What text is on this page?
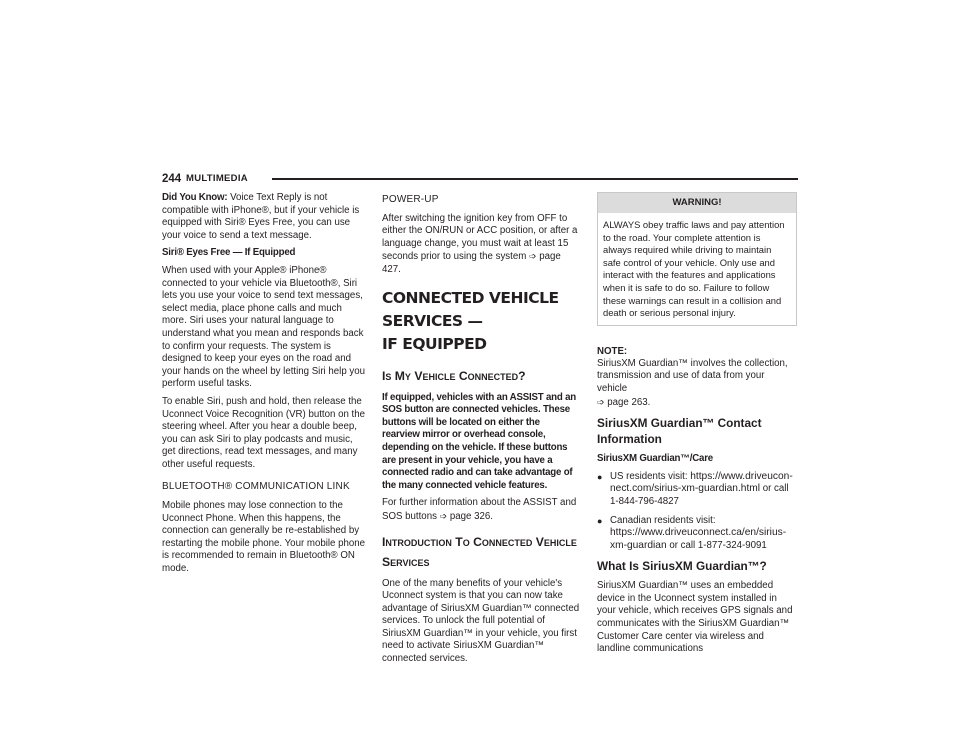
244 MULTIMEDIA

Did You Know: Voice Text Reply is not compatible with iPhone®, but if your vehicle is equipped with Siri® Eyes Free, you can use your voice to send a text message.

Siri® Eyes Free — If Equipped

When used with your Apple® iPhone® connected to your vehicle via Bluetooth®, Siri lets you use your voice to send text messages, select media, place phone calls and much more. Siri uses your natural language to understand what you mean and responds back to confirm your requests. The system is designed to keep your eyes on the road and your hands on the wheel by letting Siri help you perform useful tasks.

To enable Siri, push and hold, then release the Uconnect Voice Recognition (VR) button on the steering wheel. After you hear a double beep, you can ask Siri to play podcasts and music, get directions, read text messages, and many other useful requests.

BLUETOOTH® COMMUNICATION LINK

Mobile phones may lose connection to the Uconnect Phone. When this happens, the connection can generally be re-established by restarting the mobile phone. Your mobile phone is recommended to remain in Bluetooth® ON mode.

POWER-UP

After switching the ignition key from OFF to either the ON/RUN or ACC position, or after a language change, you must wait at least 15 seconds prior to using the system ➩ page 427.

CONNECTED VEHICLE SERVICES —
IF EQUIPPED
Is My Vehicle Connected?

If equipped, vehicles with an ASSIST and an SOS button are connected vehicles. These buttons will be located on either the rearview mirror or overhead console, depending on the vehicle. If these buttons are present in your vehicle, you have a connected radio and can take advantage of the many connected vehicle features.

For further information about the ASSIST and SOS buttons ➩ page 326.

Introduction To Connected Vehicle
Services

One of the many benefits of your vehicle's Uconnect system is that you can now take advantage of SiriusXM Guardian™ connected services. To unlock the full potential of SiriusXM Guardian™ in your vehicle, you first need to activate SiriusXM Guardian™ connected services.

WARNING!
ALWAYS obey traffic laws and pay attention to the road. Your complete attention is always required while driving to maintain safe control of your vehicle. Only use and interact with the features and applications when it is safe to do so. Failure to follow these warnings can result in a collision and death or serious personal injury.

NOTE:

SiriusXM Guardian™ involves the collection, transmission and use of data from your vehicle
➩ page 263.

SiriusXM Guardian™ Contact Information

SiriusXM Guardian™/Care

● US residents visit: https://www.driveuconnect.com/sirius-xm-guardian.html or call 1-844-796-4827
● Canadian residents visit: https://www.driveuconnect.ca/en/sirius-xm-guardian or call 1-877-324-9091
What Is SiriusXM Guardian™?

SiriusXM Guardian™ uses an embedded device in the Uconnect system installed in your vehicle, which receives GPS signals and communicates with the SiriusXM Guardian™ Customer Care center via wireless and landline communications
